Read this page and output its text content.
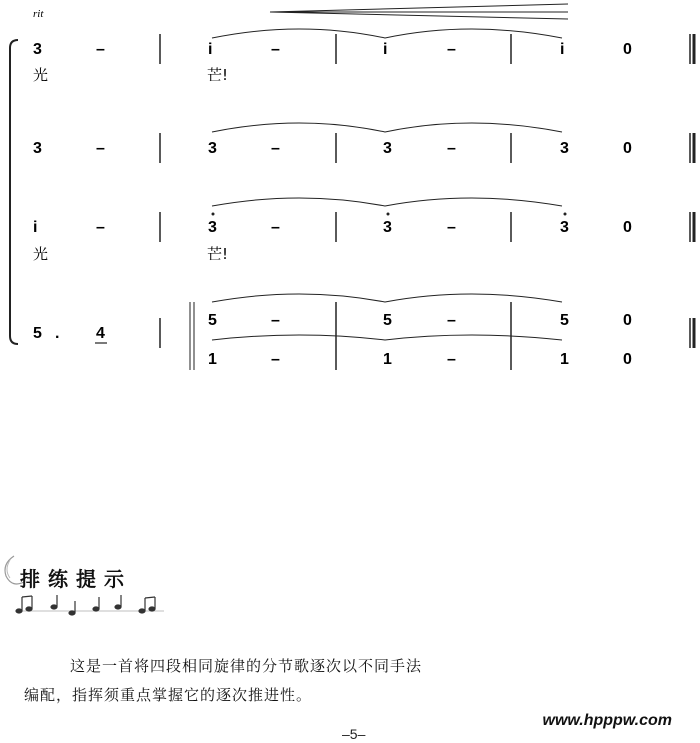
rit
3	–	i	–	i	–	i	0
光	芒!
3	–	3	–	3	–	3	0
i	–	3	–	3	–	3	0
光	芒!
5 . 4
5	–	5	–	5	0
1	–	1	–	1	0
排练提示
这是一首将四段相同旋律的分节歌逐次以不同手法
编配，指挥须重点掌握它的逐次推进性。
www.hpppw.com
–5–
